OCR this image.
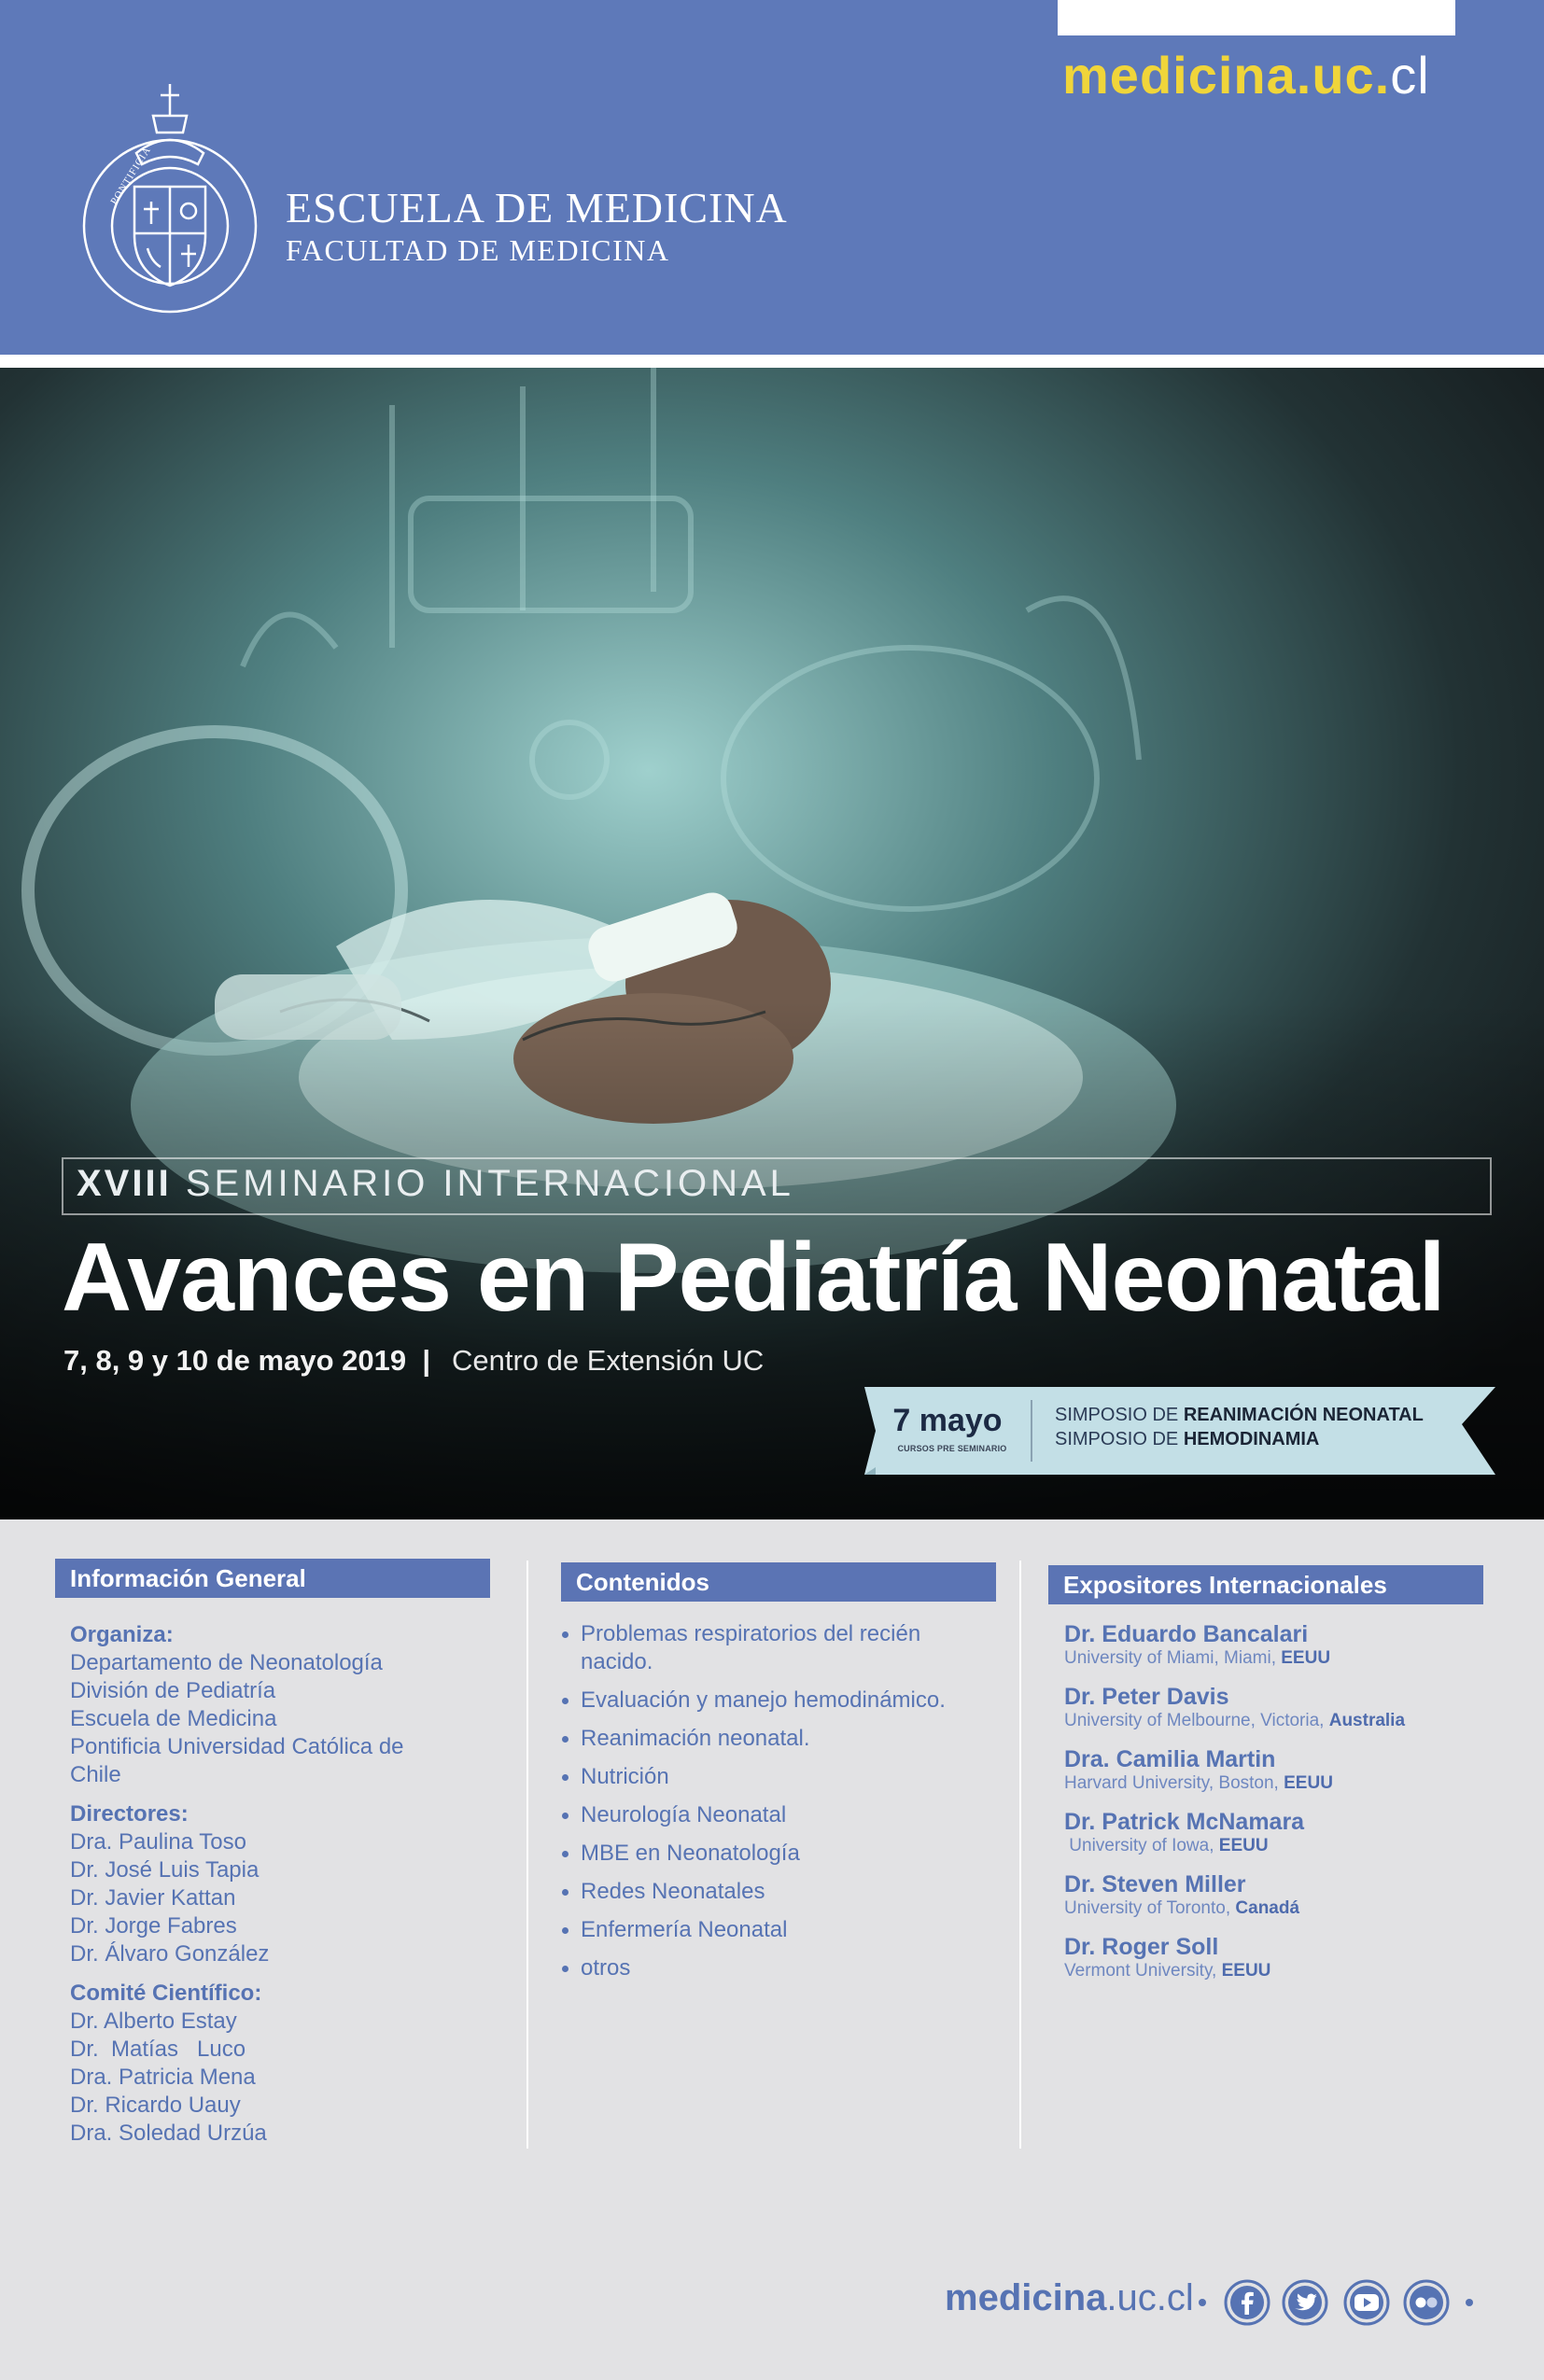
medicina.uc.cl
PONTIFICIA
ESCUELA DE MEDICINA
FACULTAD DE MEDICINA
XVIII SEMINARIO INTERNACIONAL
Avances en Pediatría Neonatal
7, 8, 9 y 10 de mayo 2019 | Centro de Extensión UC
7 mayo
CURSOS PRE SEMINARIO
SIMPOSIO DE REANIMACIÓN NEONATAL
SIMPOSIO DE HEMODINAMIA
Información General
Organiza:
Departamento de Neonatología
División de Pediatría
Escuela de Medicina
Pontificia Universidad Católica de
Chile
Directores:
Dra. Paulina Toso
Dr. José Luis Tapia
Dr. Javier Kattan
Dr. Jorge Fabres
Dr. Álvaro González
Comité Científico:
Dr. Alberto Estay
Dr.  Matías   Luco
Dra. Patricia Mena
Dr. Ricardo Uauy
Dra. Soledad Urzúa
Contenidos
Problemas respiratorios del recién nacido.
Evaluación y manejo hemodinámico.
Reanimación neonatal.
Nutrición
Neurología Neonatal
MBE en Neonatología
Redes Neonatales
Enfermería Neonatal
otros
Expositores Internacionales
Dr. Eduardo Bancalari
University of Miami, Miami, EEUU
Dr. Peter Davis
University of Melbourne, Victoria, Australia
Dra. Camilia Martin
Harvard University, Boston, EEUU
Dr. Patrick McNamara
University of Iowa, EEUU
Dr. Steven Miller
University of Toronto, Canadá
Dr. Roger Soll
Vermont University, EEUU
medicina.uc.cl
